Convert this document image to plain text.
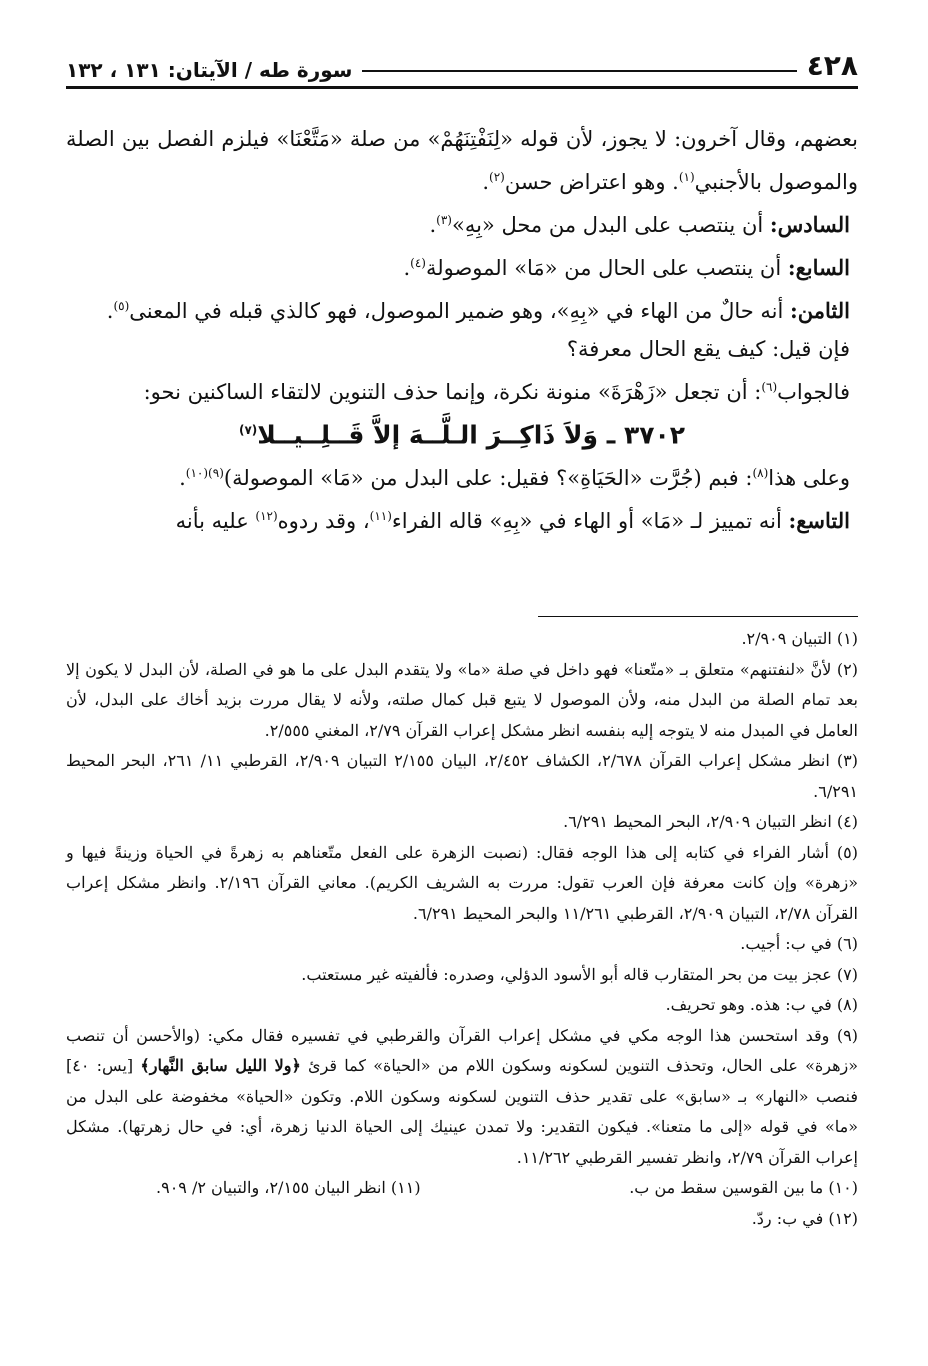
٤٢٨
سورة طه / الآيتان: ١٣١ ، ١٣٢

بعضهم، وقال آخرون: لا يجوز، لأن قوله «لِنَفْتِنَهُمْ» من صلة «مَتَّعْنَا» فيلزم الفصل بين الصلة والموصول بالأجنبي$^{(١)}$. وهو اعتراض حسن$^{(٢)}$.

السادس: أن ينتصب على البدل من محل «بِهِ»$^{(٣)}$.

السابع: أن ينتصب على الحال من «مَا» الموصولة$^{(٤)}$.

الثامن: أنه حالٌ من الهاء في «بِهِ»، وهو ضمير الموصول، فهو كالذي قبله في المعنى$^{(٥)}$.

فإن قيل: كيف يقع الحال معرفة؟

فالجواب$^{(٦)}$: أن تجعل «زَهْرَةَ» منونة نكرة، وإنما حذف التنوين لالتقاء الساكنين نحو:

٣٧٠٢ ـ وَلاَ ذَاكِــرَ الـلَّــهَ إلاَّ قَــلِــيــلا$^{(٧)}$

وعلى هذا$^{(٨)}$: فبم (جُرَّت «الحَيَاةِ»؟ فقيل: على البدل من «مَا» الموصولة)$^{(٩)(١٠)}$.

التاسع: أنه تمييز لـ «مَا» أو الهاء في «بِهِ» قاله الفراء$^{(١١)}$، وقد ردوه$^{(١٢)}$ عليه بأنه

(١) التبيان ٢/٩٠٩.

(٢) لأنَّ «لنفتنهم» متعلق بـ «متّعنا» فهو داخل في صلة «ما» ولا يتقدم البدل على ما هو في الصلة، لأن البدل لا يكون إلا بعد تمام الصلة من البدل منه، ولأن الموصول لا يتبع قبل كمال صلته، ولأنه لا يقال مررت بزيد أخاك على البدل، لأن العامل في المبدل منه لا يتوجه إليه بنفسه انظر مشكل إعراب القرآن ٢/٧٩، المغني ٢/٥٥٥.

(٣) انظر مشكل إعراب القرآن ٢/٦٧٨، الكشاف ٢/٤٥٢، البيان ٢/١٥٥ التبيان ٢/٩٠٩، القرطبي ١١/ ٢٦١، البحر المحيط ٦/٢٩١.

(٤) انظر التبيان ٢/٩٠٩، البحر المحيط ٦/٢٩١.

(٥) أشار الفراء في كتابه إلى هذا الوجه فقال: (نصبت الزهرة على الفعل متّعناهم به زهرةً في الحياة وزينةً فيها و «زهرة» وإن كانت معرفة فإن العرب تقول: مررت به الشريف الكريم). معاني القرآن ٢/١٩٦. وانظر مشكل إعراب القرآن ٢/٧٨، التبيان ٢/٩٠٩، القرطبي ١١/٢٦١ والبحر المحيط ٦/٢٩١.

(٦) في ب: أجيب.

(٧) عجز بيت من بحر المتقارب قاله أبو الأسود الدؤلي، وصدره: فألفيته غير مستعتب.

(٨) في ب: هذه. وهو تحريف.

(٩) وقد استحسن هذا الوجه مكي في مشكل إعراب القرآن والقرطبي في تفسيره فقال مكي: (والأحسن أن تنصب «زهرة» على الحال، وتحذف التنوين لسكونه وسكون اللام من «الحياة» كما قرئ ﴿ولا الليل سابق النَّهار﴾ [يس: ٤٠] فنصب «النهار» بـ «سابق» على تقدير حذف التنوين لسكونه وسكون اللام. وتكون «الحياة» مخفوضة على البدل من «ما» في قوله «إلى ما متعنا». فيكون التقدير: ولا تمدن عينيك إلى الحياة الدنيا زهرة، أي: في حال زهرتها). مشكل إعراب القرآن ٢/٧٩، وانظر تفسير القرطبي ١١/٢٦٢.

(١٠) ما بين القوسين سقط من ب.
(١١) انظر البيان ٢/١٥٥، والتبيان ٢/ ٩٠٩.

(١٢) في ب: ردّ.
